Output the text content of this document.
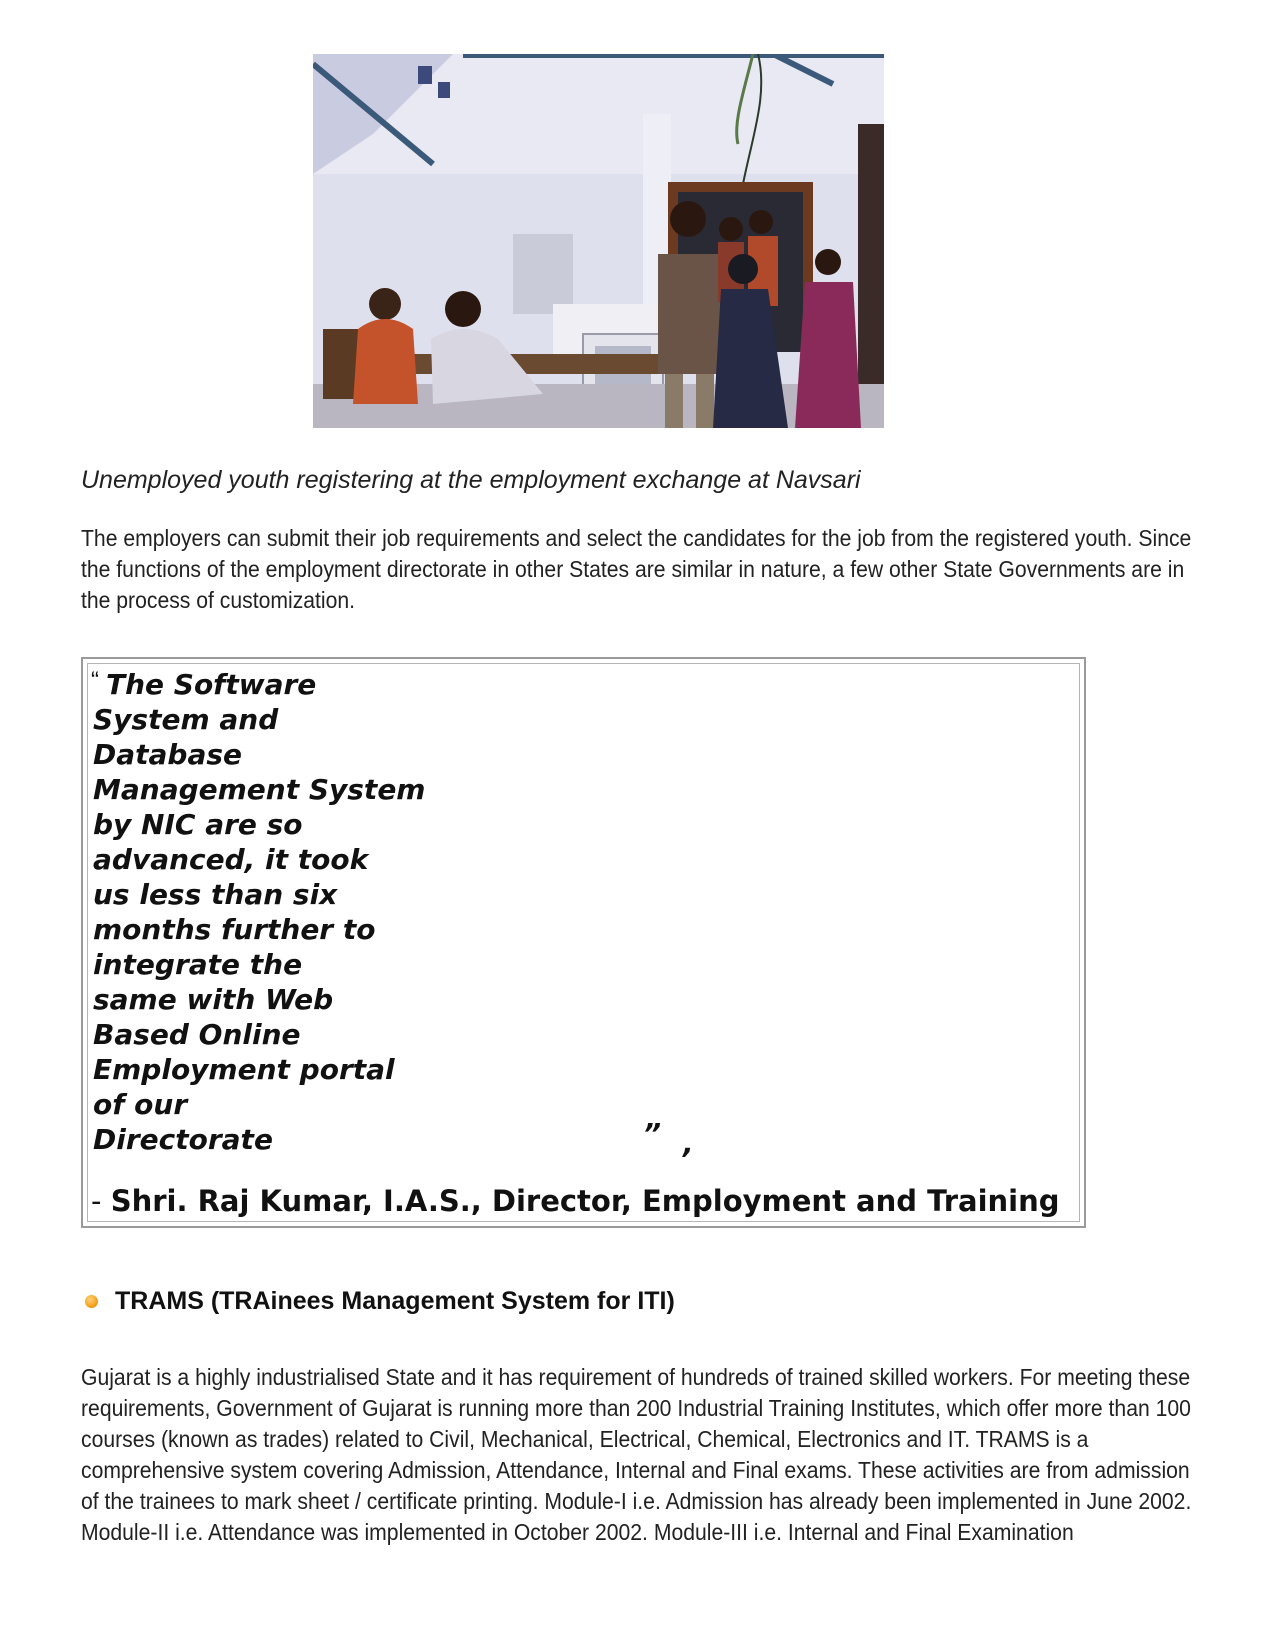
Unemployed youth registering at the employment exchange at Navsari

The employers can submit their job requirements and select the candidates for the job from the registered youth. Since the functions of the employment directorate in other States are similar in nature, a few other State Governments are in the process of customization.

“ The Software
System and
Database
Management System
by NIC are so
advanced, it took
us less than six
months further to
integrate the
same with Web
Based Online
Employment portal
of our
Directorate	” ,
- Shri. Raj Kumar, I.A.S., Director, Employment and Training
TRAMS (TRAinees Management System for ITI)

Gujarat is a highly industrialised State and it has requirement of hundreds of trained skilled workers. For meeting these requirements, Government of Gujarat is running more than 200 Industrial Training Institutes, which offer more than 100 courses (known as trades) related to Civil, Mechanical, Electrical, Chemical, Electronics and IT. TRAMS is a comprehensive system covering Admission, Attendance, Internal and Final exams. These activities are from admission of the trainees to mark sheet / certificate printing. Module-I i.e. Admission has already been implemented in June 2002. Module-II i.e. Attendance was implemented in October 2002. Module-III i.e. Internal and Final Examination
